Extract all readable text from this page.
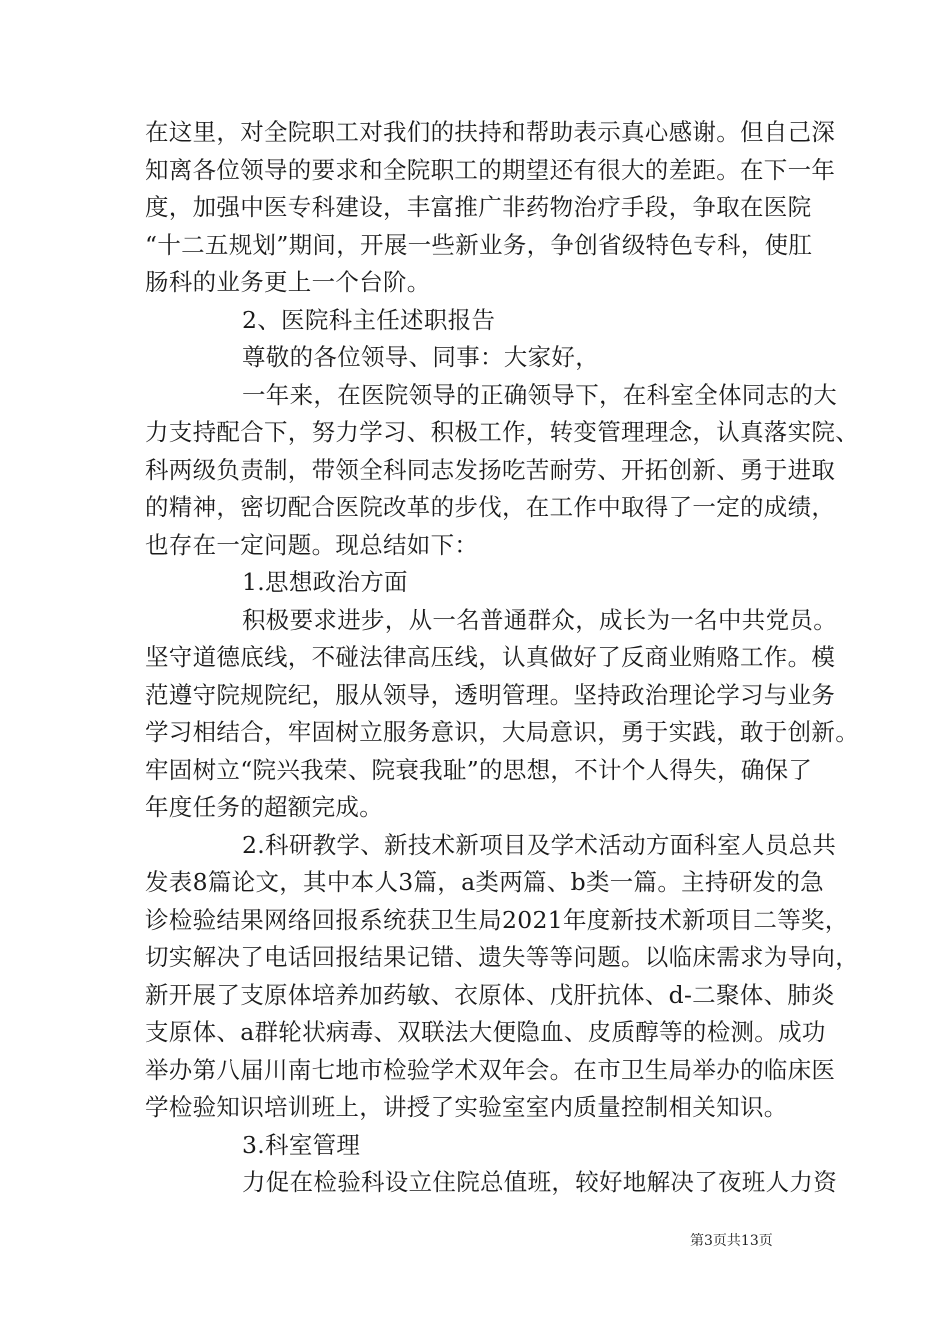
在这里，对全院职工对我们的扶持和帮助表示真心感谢。但自己深
知离各位领导的要求和全院职工的期望还有很大的差距。在下一年
度，加强中医专科建设，丰富推广非药物治疗手段，争取在医院
“十二五规划”期间，开展一些新业务，争创省级特色专科，使肛
肠科的业务更上一个台阶。
2、医院科主任述职报告
尊敬的各位领导、同事：大家好，
一年来，在医院领导的正确领导下，在科室全体同志的大
力支持配合下，努力学习、积极工作，转变管理理念，认真落实院、
科两级负责制，带领全科同志发扬吃苦耐劳、开拓创新、勇于进取
的精神，密切配合医院改革的步伐，在工作中取得了一定的成绩，
也存在一定问题。现总结如下：
1.思想政治方面
积极要求进步，从一名普通群众，成长为一名中共党员。
坚守道德底线，不碰法律高压线，认真做好了反商业贿赂工作。模
范遵守院规院纪，服从领导，透明管理。坚持政治理论学习与业务
学习相结合，牢固树立服务意识，大局意识，勇于实践，敢于创新。
牢固树立“院兴我荣、院衰我耻”的思想，不计个人得失，确保了
年度任务的超额完成。
2.科研教学、新技术新项目及学术活动方面科室人员总共
发表8篇论文，其中本人3篇，a类两篇、b类一篇。主持研发的急
诊检验结果网络回报系统获卫生局2021年度新技术新项目二等奖，
切实解决了电话回报结果记错、遗失等等问题。以临床需求为导向，
新开展了支原体培养加药敏、衣原体、戊肝抗体、d-二聚体、肺炎
支原体、a群轮状病毒、双联法大便隐血、皮质醇等的检测。成功
举办第八届川南七地市检验学术双年会。在市卫生局举办的临床医
学检验知识培训班上，讲授了实验室室内质量控制相关知识。
3.科室管理
力促在检验科设立住院总值班，较好地解决了夜班人力资
第3页共13页
